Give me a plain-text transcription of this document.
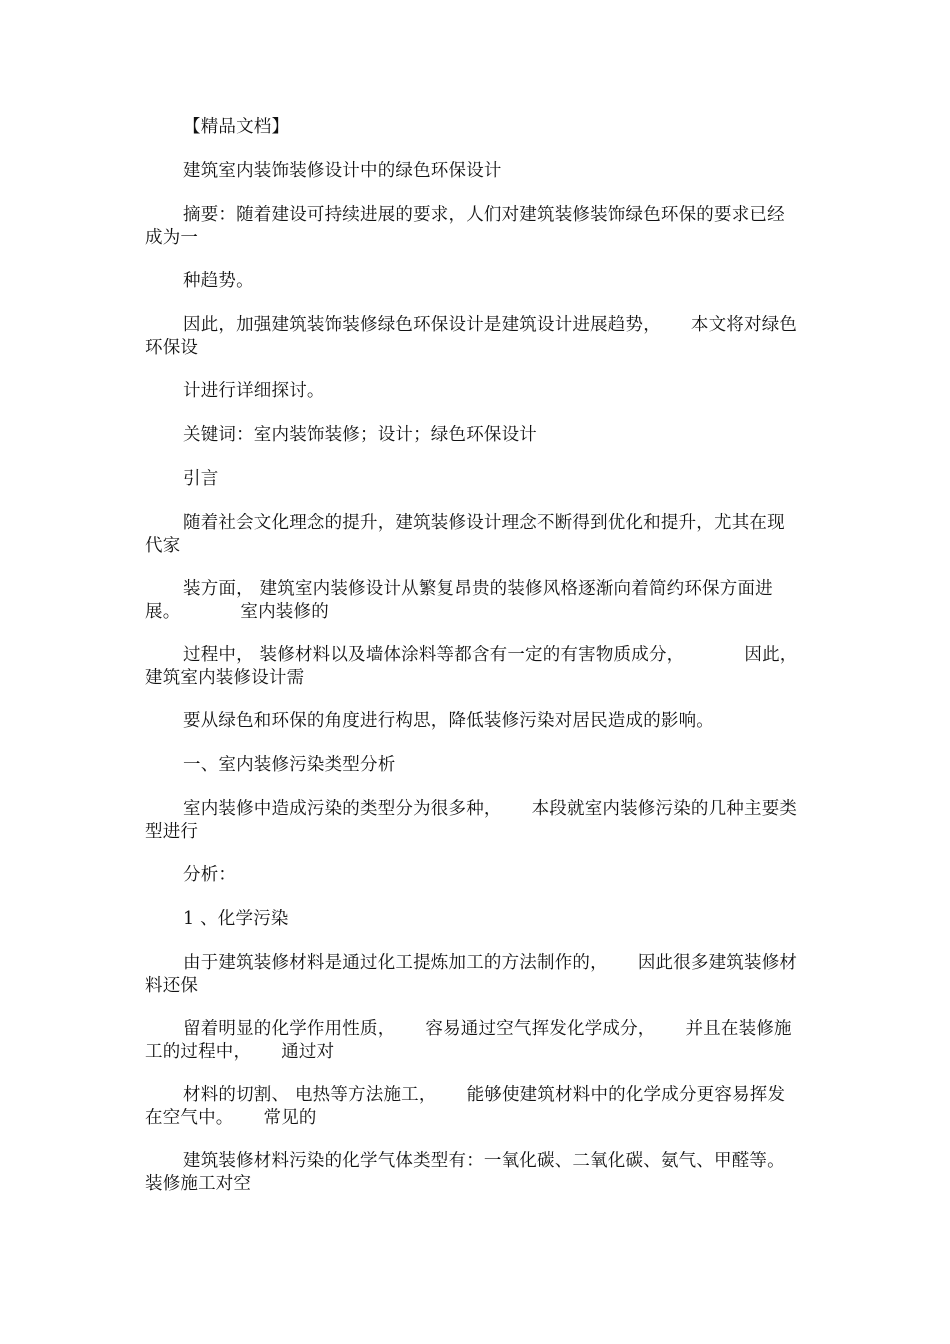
【精品文档】
建筑室内装饰装修设计中的绿色环保设计
摘要：随着建设可持续进展的要求，人们对建筑装修装饰绿色环保的要求已经成为一
种趋势。
因此，加强建筑装饰装修绿色环保设计是建筑设计进展趋势， 本文将对绿色环保设
计进行详细探讨。
关键词：室内装饰装修；设计；绿色环保设计
引言
随着社会文化理念的提升，建筑装修设计理念不断得到优化和提升，尤其在现代家
装方面， 建筑室内装修设计从繁复昂贵的装修风格逐渐向着简约环保方面进展。	室内装修的
过程中， 装修材料以及墙体涂料等都含有一定的有害物质成分，	因此，建筑室内装修设计需
要从绿色和环保的角度进行构思，降低装修污染对居民造成的影响。
一、室内装修污染类型分析
室内装修中造成污染的类型分为很多种， 本段就室内装修污染的几种主要类型进行
分析：
1 、化学污染
由于建筑装修材料是通过化工提炼加工的方法制作的， 因此很多建筑装修材料还保
留着明显的化学作用性质， 容易通过空气挥发化学成分， 并且在装修施工的过程中， 通过对
材料的切割、 电热等方法施工， 能够使建筑材料中的化学成分更容易挥发在空气中。 常见的
建筑装修材料污染的化学气体类型有：一氧化碳、二氧化碳、氨气、甲醛等。装修施工对空
